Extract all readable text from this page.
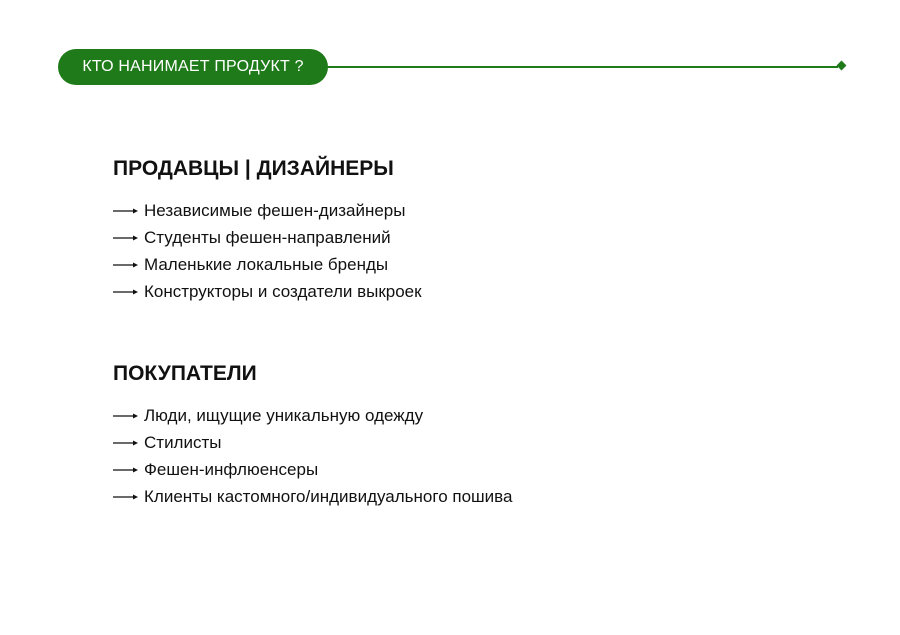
КТО НАНИМАЕТ ПРОДУКТ ?
ПРОДАВЦЫ | ДИЗАЙНЕРЫ
Независимые фешен-дизайнеры
Студенты фешен-направлений
Маленькие локальные бренды
Конструкторы и создатели выкроек
ПОКУПАТЕЛИ
Люди, ищущие уникальную одежду
Стилисты
Фешен-инфлюенсеры
Клиенты кастомного/индивидуального пошива
